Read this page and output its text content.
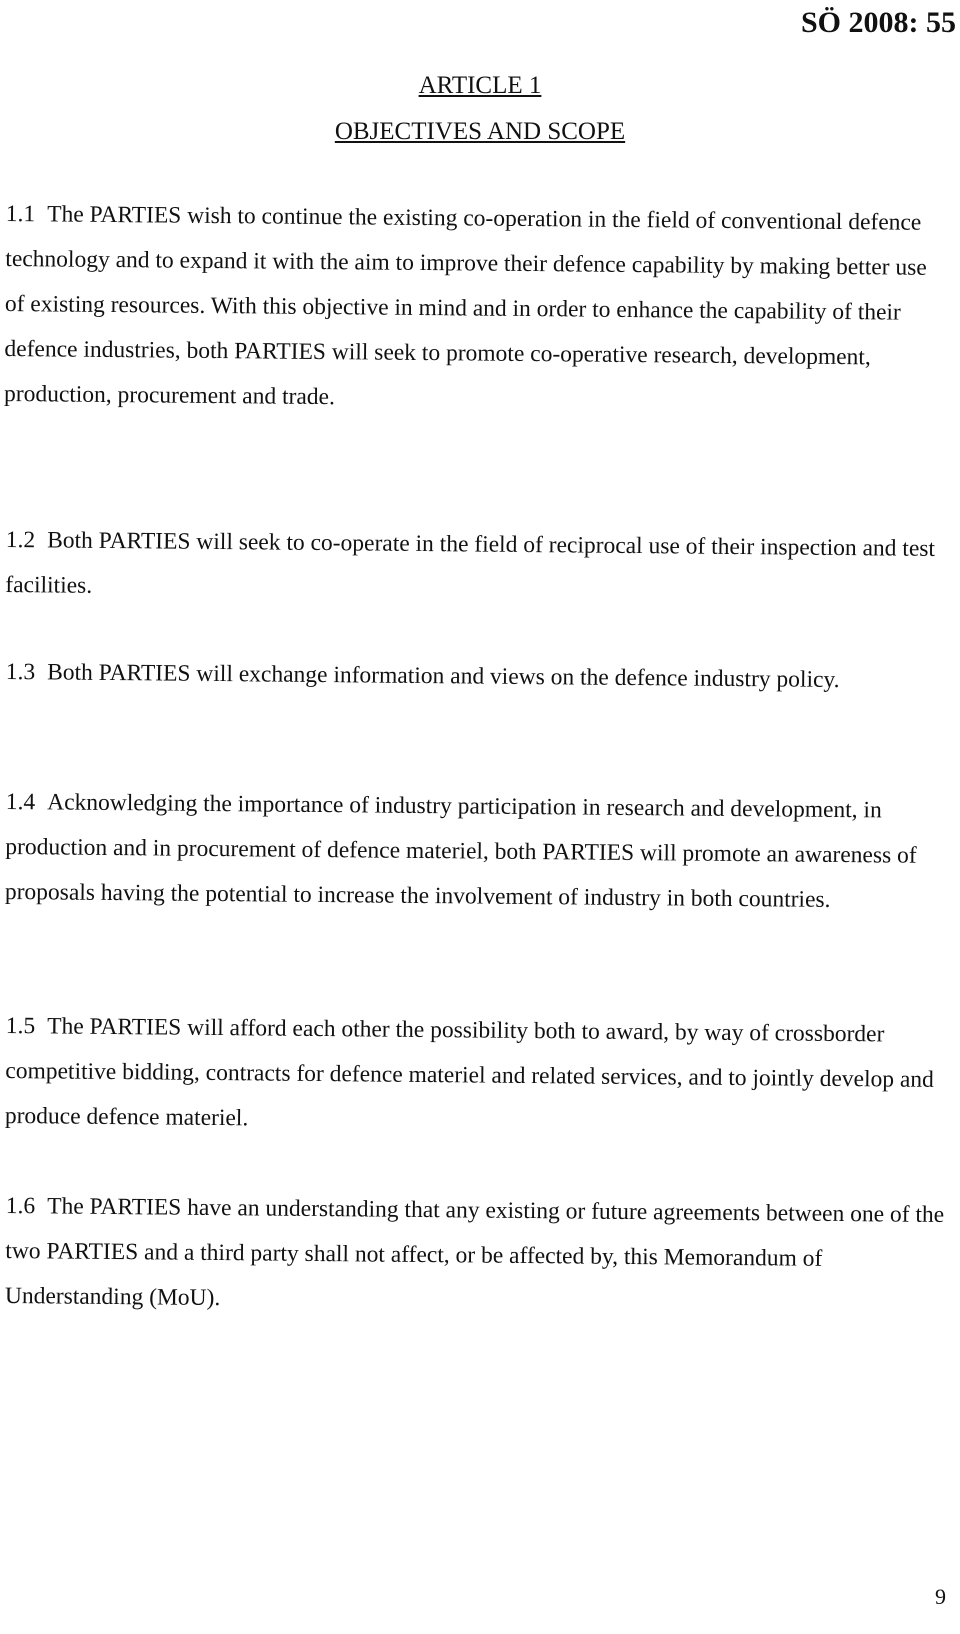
SÖ 2008: 55
ARTICLE 1
OBJECTIVES AND SCOPE

1.1 The PARTIES wish to continue the existing co-operation in the field of conventional defence technology and to expand it with the aim to improve their defence capability by making better use of existing resources. With this objective in mind and in order to enhance the capability of their defence industries, both PARTIES will seek to promote co-operative research, development, production, procurement and trade.

1.2 Both PARTIES will seek to co-operate in the field of reciprocal use of their inspection and test facilities.

1.3 Both PARTIES will exchange information and views on the defence industry policy.

1.4 Acknowledging the importance of industry participation in research and development, in production and in procurement of defence materiel, both PARTIES will promote an awareness of proposals having the potential to increase the involvement of industry in both countries.

1.5 The PARTIES will afford each other the possibility both to award, by way of crossborder competitive bidding, contracts for defence materiel and related services, and to jointly develop and produce defence materiel.

1.6 The PARTIES have an understanding that any existing or future agreements between one of the two PARTIES and a third party shall not affect, or be affected by, this Memorandum of Understanding (MoU).

9
